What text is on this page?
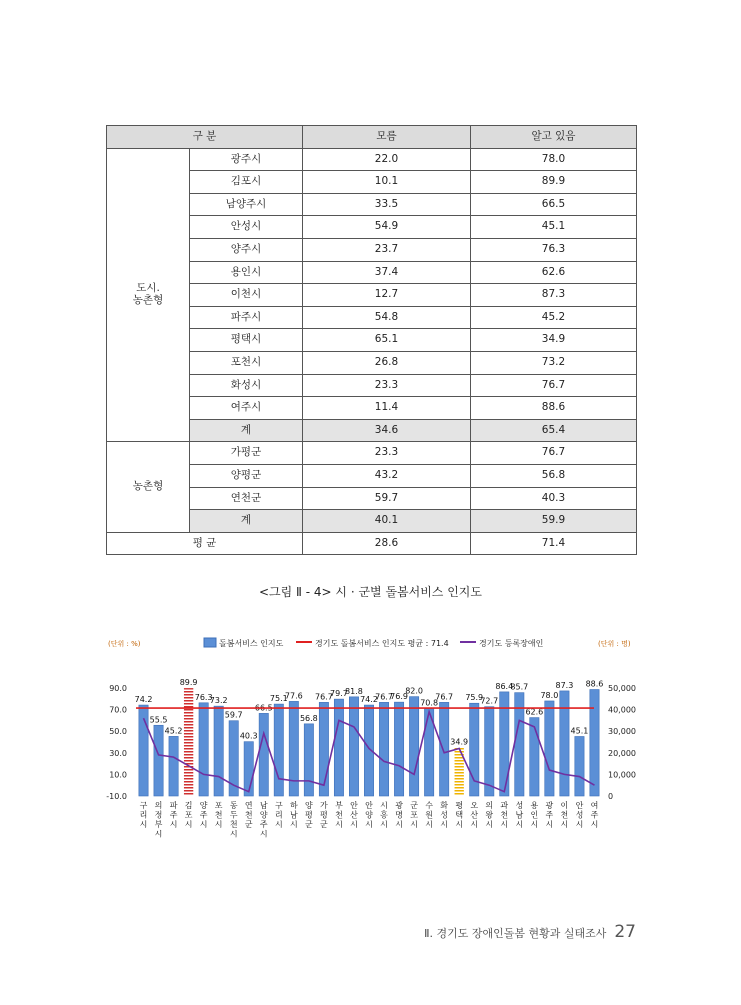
구 분		모름	알고 있음
도시.
농촌형	광주시	22.0	78.0
	김포시	10.1	89.9
	남양주시	33.5	66.5
	안성시	54.9	45.1
	양주시	23.7	76.3
	용인시	37.4	62.6
	이천시	12.7	87.3
	파주시	54.8	45.2
	평택시	65.1	34.9
	포천시	26.8	73.2
	화성시	23.3	76.7
	여주시	11.4	88.6
	계	34.6	65.4
농촌형	가평군	23.3	76.7
	양평군	43.2	56.8
	연천군	59.7	40.3
	계	40.1	59.9
평 균		28.6	71.4
<그림 Ⅱ - 4> 시 · 군별 돌봄서비스 인지도
(단위 : %)	(단위 : 명)
돌봄서비스 인지도	경기도 돌봄서비스 인지도 평균 : 71.4	경기도 등록장애인
90.0
70.0
50.0
30.0
10.0
-10.0
50,000
40,000
30,000
20,000
10,000
0
74.2
구 리 시
55.5
의 정 부 시
45.2
파 주 시
89.9
김 포 시
76.3
양 주 시
73.2
포 천 시
59.7
동 두 천 시
40.3
연 천 군
66.5
남 양 주 시
75.1
구 리 시
77.6
하 남 시
56.8
양 평 군
76.7
가 평 군
79.7
부 천 시
81.8
안 산 시
74.2
안 양 시
76.7
시 흥 시
76.9
광 명 시
82.0
군 포 시
70.8
수 원 시
76.7
화 성 시
34.9
평 택 시
75.9
오 산 시
72.7
의 왕 시
86.4
과 천 시
85.7
성 남 시
62.6
용 인 시
78.0
광 주 시
87.3
이 천 시
45.1
안 성 시
88.6
여 주 시
Ⅱ. 경기도 장애인돌봄 현황과 실태조사 27
